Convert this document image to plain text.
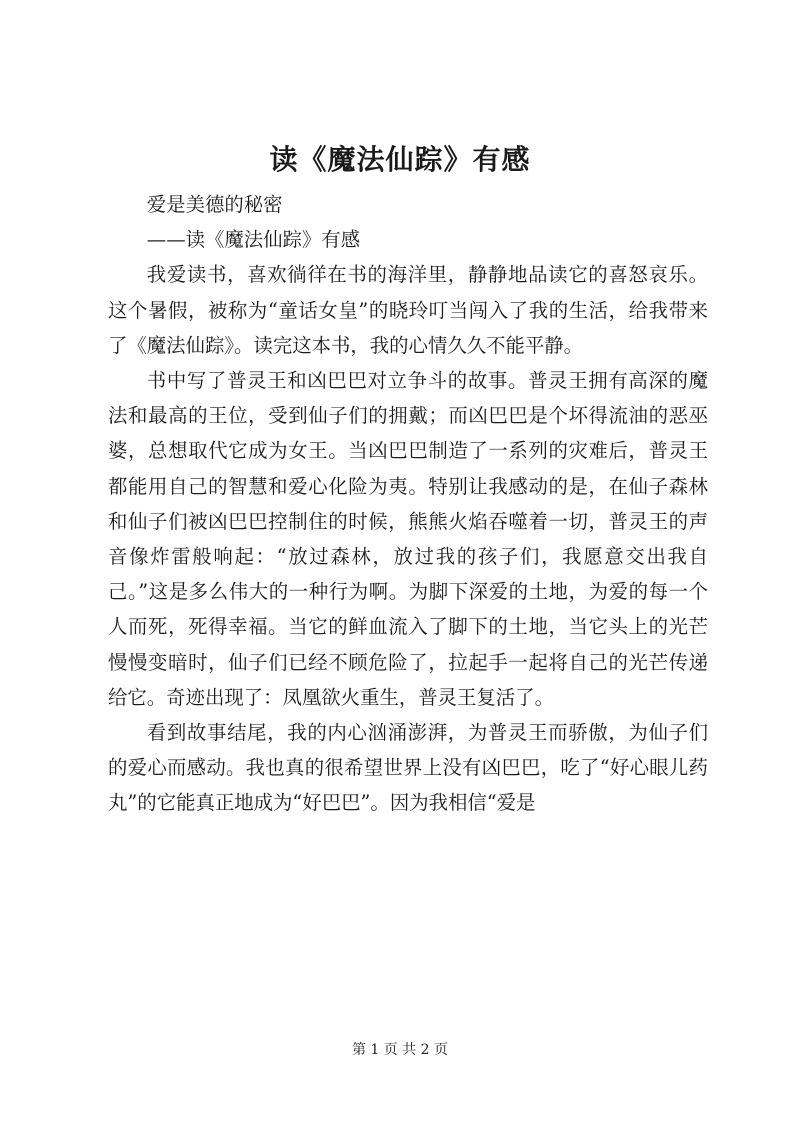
读《魔法仙踪》有感

爱是美德的秘密

——读《魔法仙踪》有感

我爱读书，喜欢徜徉在书的海洋里，静静地品读它的喜怒哀乐。这个暑假，被称为“童话女皇”的晓玲叮当闯入了我的生活，给我带来了《魔法仙踪》。读完这本书，我的心情久久不能平静。

书中写了普灵王和凶巴巴对立争斗的故事。普灵王拥有高深的魔法和最高的王位，受到仙子们的拥戴；而凶巴巴是个坏得流油的恶巫婆，总想取代它成为女王。当凶巴巴制造了一系列的灾难后，普灵王都能用自己的智慧和爱心化险为夷。特别让我感动的是，在仙子森林和仙子们被凶巴巴控制住的时候，熊熊火焰吞噬着一切，普灵王的声音像炸雷般响起：“放过森林，放过我的孩子们，我愿意交出我自己。”这是多么伟大的一种行为啊。为脚下深爱的土地，为爱的每一个人而死，死得幸福。当它的鲜血流入了脚下的土地，当它头上的光芒慢慢变暗时，仙子们已经不顾危险了，拉起手一起将自己的光芒传递给它。奇迹出现了：凤凰欲火重生，普灵王复活了。

看到故事结尾，我的内心汹涌澎湃，为普灵王而骄傲，为仙子们的爱心而感动。我也真的很希望世界上没有凶巴巴，吃了“好心眼儿药丸”的它能真正地成为“好巴巴”。因为我相信“爱是

第 1 页 共 2 页
